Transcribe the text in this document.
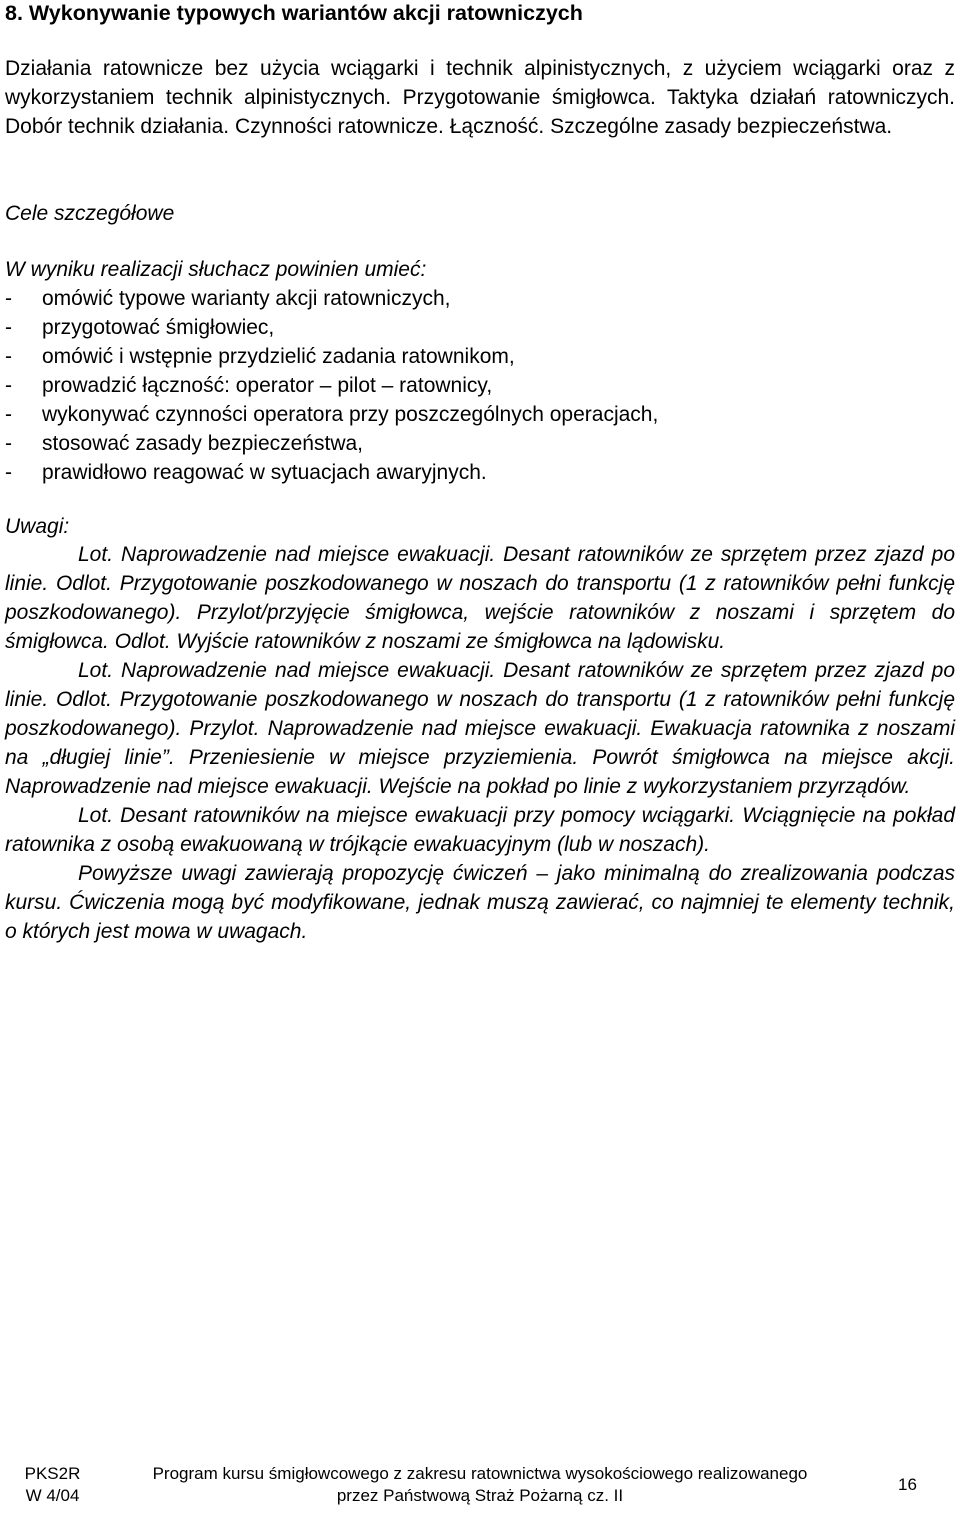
8. Wykonywanie typowych wariantów akcji ratowniczych
Działania ratownicze bez użycia wciągarki i technik alpinistycznych, z użyciem wciągarki oraz z wykorzystaniem technik alpinistycznych. Przygotowanie śmigłowca. Taktyka działań ratowniczych. Dobór technik działania. Czynności ratownicze. Łączność. Szczególne zasady bezpieczeństwa.
Cele szczegółowe
W wyniku realizacji słuchacz powinien umieć:
- omówić typowe warianty akcji ratowniczych,
- przygotować śmigłowiec,
- omówić i wstępnie przydzielić zadania ratownikom,
- prowadzić łączność: operator – pilot – ratownicy,
- wykonywać czynności operatora przy poszczególnych operacjach,
- stosować zasady bezpieczeństwa,
- prawidłowo reagować w sytuacjach awaryjnych.
Uwagi:

Lot. Naprowadzenie nad miejsce ewakuacji. Desant ratowników ze sprzętem przez zjazd po linie. Odlot. Przygotowanie poszkodowanego w noszach do transportu (1 z ratowników pełni funkcję poszkodowanego). Przylot/przyjęcie śmigłowca, wejście ratowników z noszami i sprzętem do śmigłowca. Odlot. Wyjście ratowników z noszami ze śmigłowca na lądowisku.

Lot. Naprowadzenie nad miejsce ewakuacji. Desant ratowników ze sprzętem przez zjazd po linie. Odlot. Przygotowanie poszkodowanego w noszach do transportu (1 z ratowników pełni funkcję poszkodowanego). Przylot. Naprowadzenie nad miejsce ewakuacji. Ewakuacja ratownika z noszami na „długiej linie”. Przeniesienie w miejsce przyziemienia. Powrót śmigłowca na miejsce akcji. Naprowadzenie nad miejsce ewakuacji. Wejście na pokład po linie z wykorzystaniem przyrządów.

Lot. Desant ratowników na miejsce ewakuacji przy pomocy wciągarki. Wciągnięcie na pokład ratownika z osobą ewakuowaną w trójkącie ewakuacyjnym (lub w noszach).

Powyższe uwagi zawierają propozycję ćwiczeń – jako minimalną do zrealizowania podczas kursu. Ćwiczenia mogą być modyfikowane, jednak muszą zawierać, co najmniej te elementy technik, o których jest mowa w uwagach.

PKS2R
W 4/04

Program kursu śmigłowcowego z zakresu ratownictwa wysokościowego realizowanego
przez Państwową Straż Pożarną cz. II
	16
